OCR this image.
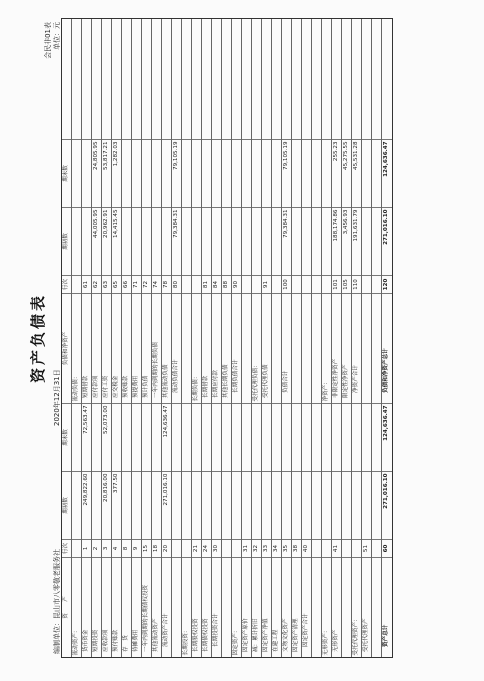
资产负债表
编制单位：昆山市八零敬老服务社
2020年12月31日
会民非01表 单位：元
资　　产
行次
期初数
期末数
负债和净资产
行次
期初数
期末数
流动资产：
流动负债：
货币资金
1
249,822.60
72,563.47
短期借款
61
短期投资
2
应付款项
62
44,005.95
24,805.95
应收款项
3
20,816.00
52,073.00
应付工资
63
20,962.91
53,817.21
预付账款
4
377.50
应交税金
65
14,415.45
1,282.03
存　货
8
预收账款
66
待摊费用
9
预提费用
71
一年内到期的长期债权投资
15
预计负债
72
其他流动资产
18
一年内到期的长期负债
74
流动资产合计
20
271,016.10
124,636.47
其他流动负债
78
流动负债合计
80
79,384.31
79,105.19
长期投资： 长期股权投资
21
长期负债：
长期债权投资
24
长期借款
81
长期投资合计
30
长期应付款
84
其他长期负债
88
固定资产：
长期负债合计
90
固定资产原价
31
减：累计折旧
32
受托代理负债：
固定资产净值
33
受托代理负债
91
在建工程
34
文物文化资产
35
负债合计
100
79,384.31
79,105.19
固定资产清理
38
固定资产合计
40
无形资产：
净资产：
无形资产
41
非限定性净资产
101
188,174.86
255.23
限定性净资产
105
3,456.93
45,275.55
受托代理资产：
净资产合计
110
191,631.79
45,531.28
受托代理资产
51
资产总计
60
271,016.10
124,636.47
负债和净资产总计
120
271,016.10
124,636.47
